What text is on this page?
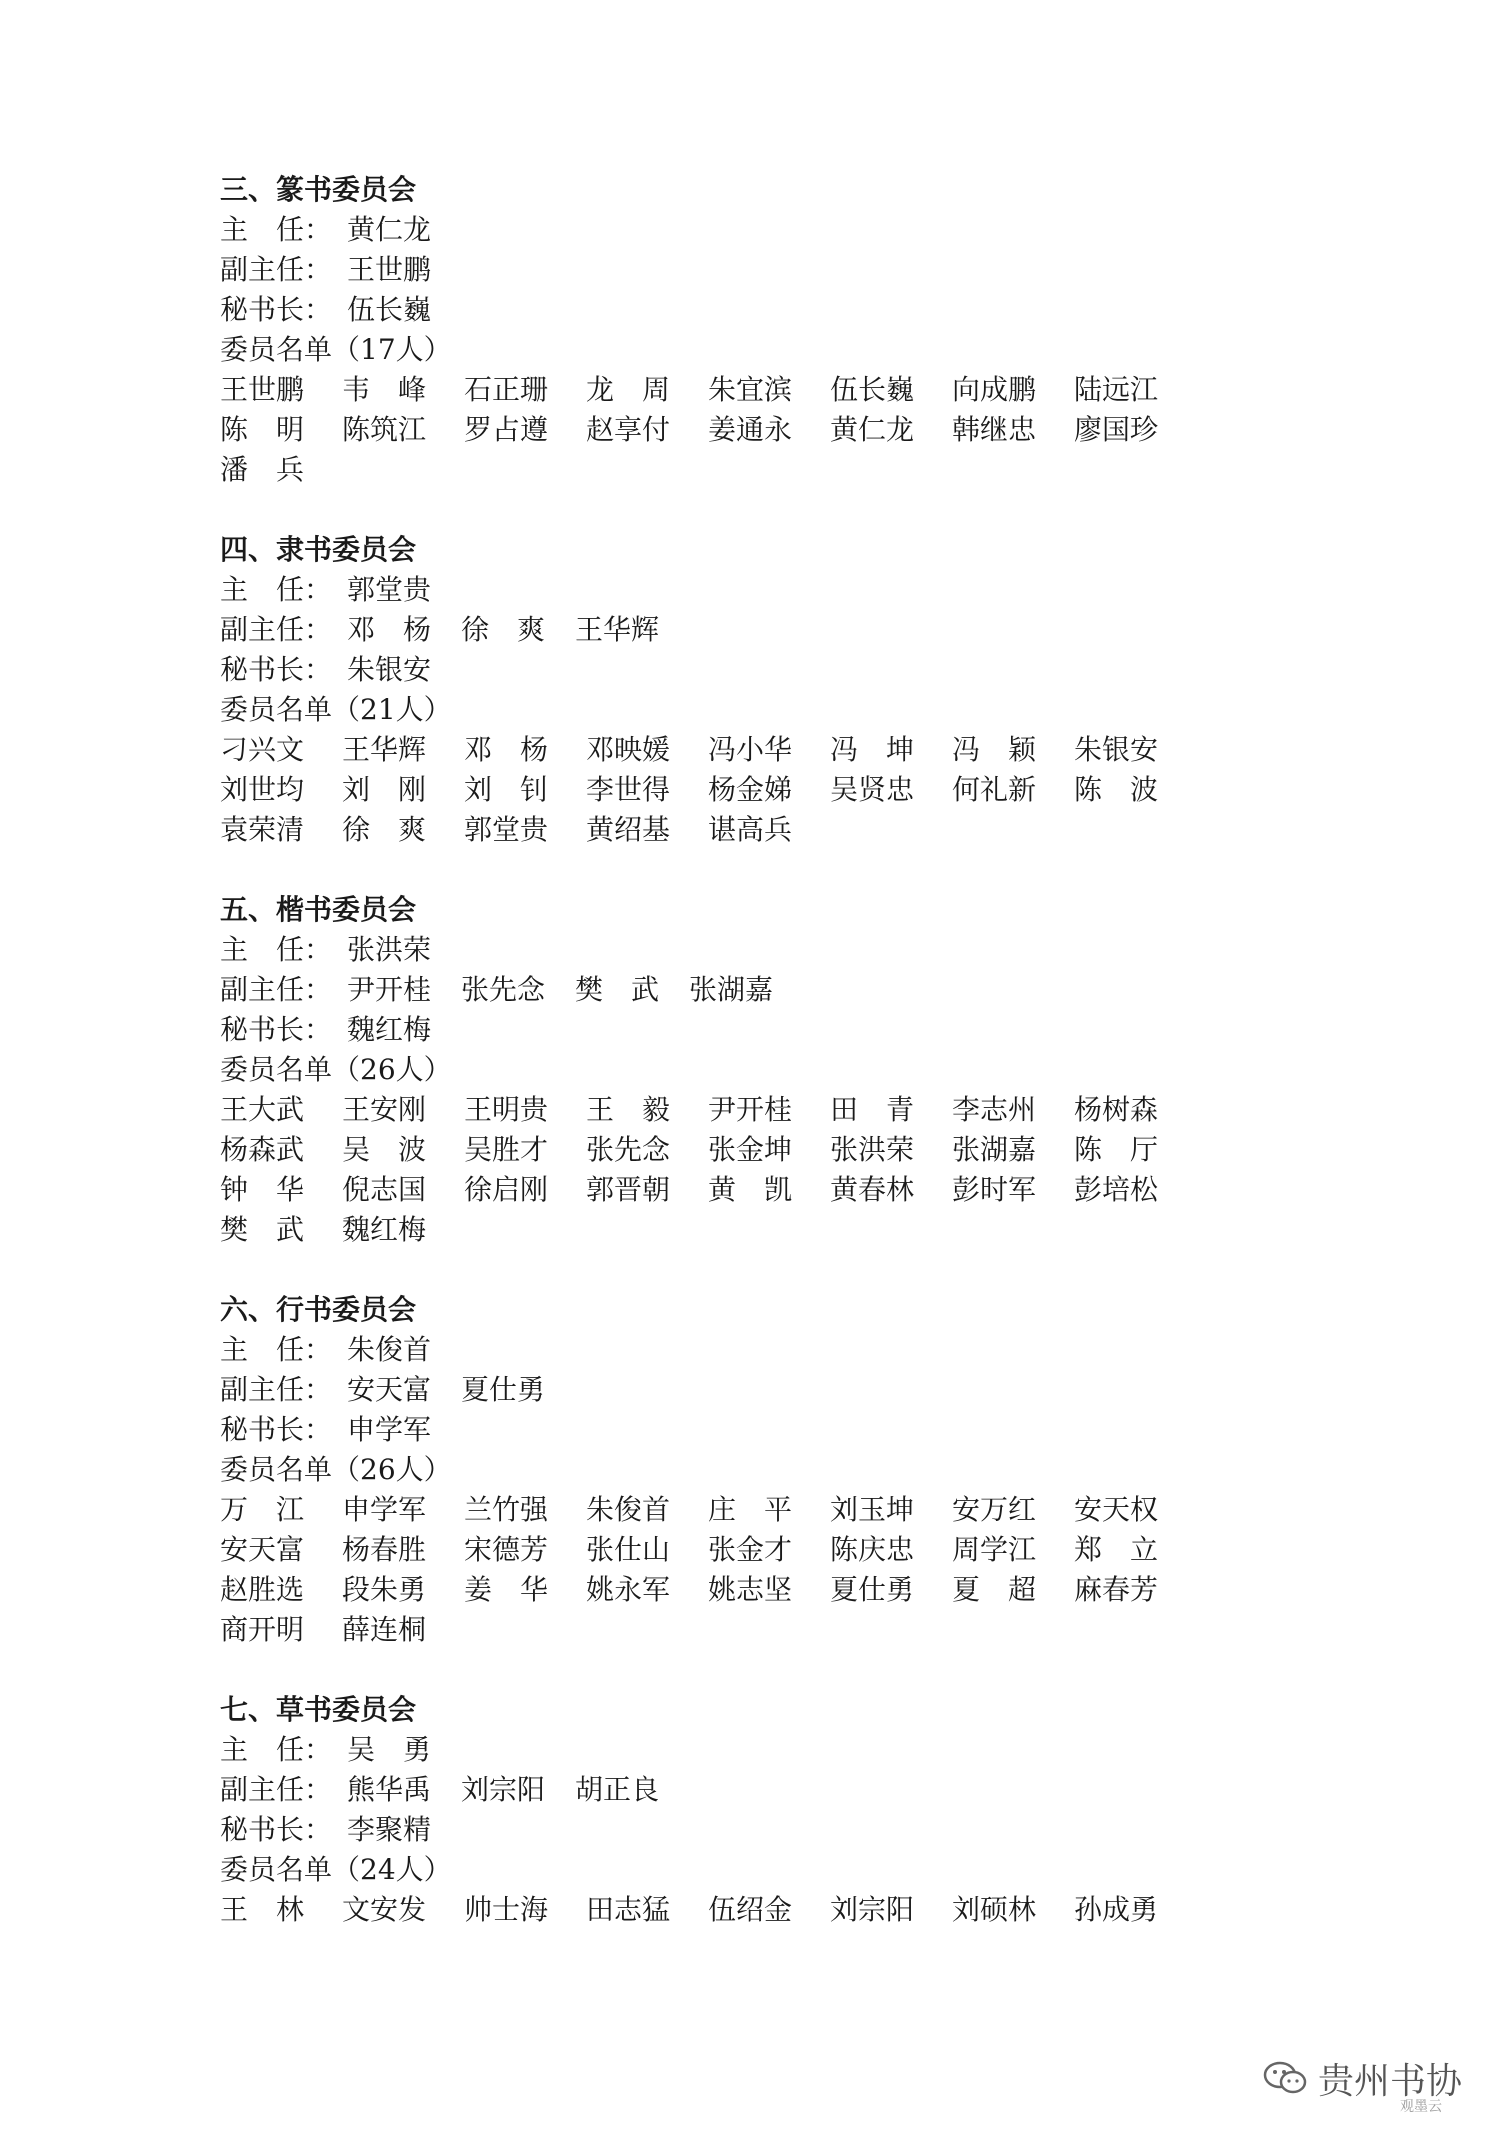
三、篆书委员会
主　任： 黄仁龙
副主任： 王世鹏
秘书长： 伍长巍
委员名单（17人）
王世鹏	韦　峰	石正珊	龙　周	朱宜滨	伍长巍	向成鹏	陆远江
陈　明	陈筑江	罗占遵	赵享付	姜通永	黄仁龙	韩继忠	廖国珍
潘　兵
四、隶书委员会
主　任： 郭堂贵
副主任： 邓　杨 徐　爽 王华辉
秘书长： 朱银安
委员名单（21人）
刁兴文	王华辉	邓　杨	邓映媛	冯小华	冯　坤	冯　颖	朱银安
刘世均	刘　刚	刘　钊	李世得	杨金娣	吴贤忠	何礼新	陈　波
袁荣清	徐　爽	郭堂贵	黄绍基	谌高兵
五、楷书委员会
主　任： 张洪荣
副主任： 尹开桂 张先念 樊　武 张湖嘉
秘书长： 魏红梅
委员名单（26人）
王大武	王安刚	王明贵	王　毅	尹开桂	田　青	李志州	杨树森
杨森武	吴　波	吴胜才	张先念	张金坤	张洪荣	张湖嘉	陈　厅
钟　华	倪志国	徐启刚	郭晋朝	黄　凯	黄春林	彭时军	彭培松
樊　武	魏红梅
六、行书委员会
主　任： 朱俊首
副主任： 安天富 夏仕勇
秘书长： 申学军
委员名单（26人）
万　江	申学军	兰竹强	朱俊首	庄　平	刘玉坤	安万红	安天权
安天富	杨春胜	宋德芳	张仕山	张金才	陈庆忠	周学江	郑　立
赵胜选	段朱勇	姜　华	姚永军	姚志坚	夏仕勇	夏　超	麻春芳
商开明	薛连桐
七、草书委员会
主　任： 吴　勇
副主任： 熊华禹 刘宗阳 胡正良
秘书长： 李聚精
委员名单（24人）
王　林	文安发	帅士海	田志猛	伍绍金	刘宗阳	刘硕林	孙成勇
贵州书协
观墨云
